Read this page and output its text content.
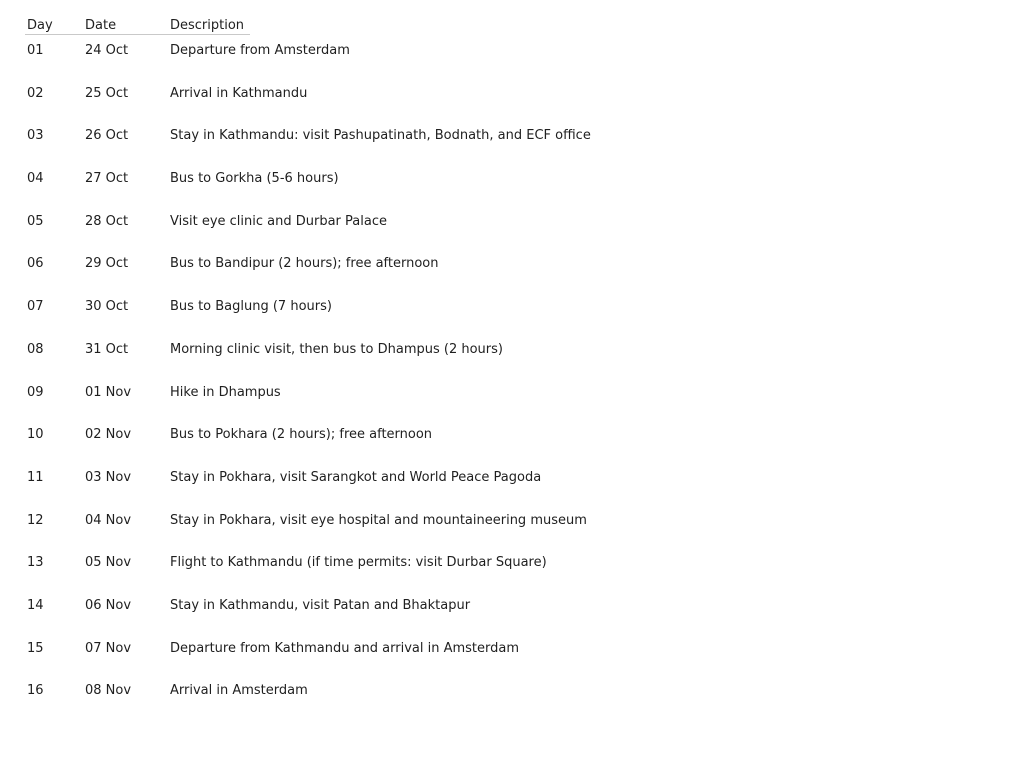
Day	Date	Description
01	24 Oct	Departure from Amsterdam
02	25 Oct	Arrival in Kathmandu
03	26 Oct	Stay in Kathmandu: visit Pashupatinath, Bodnath, and ECF office
04	27 Oct	Bus to Gorkha (5-6 hours)
05	28 Oct	Visit eye clinic and Durbar Palace
06	29 Oct	Bus to Bandipur (2 hours); free afternoon
07	30 Oct	Bus to Baglung (7 hours)
08	31 Oct	Morning clinic visit, then bus to Dhampus (2 hours)
09	01 Nov	Hike in Dhampus
10	02 Nov	Bus to Pokhara (2 hours); free afternoon
11	03 Nov	Stay in Pokhara, visit Sarangkot and World Peace Pagoda
12	04 Nov	Stay in Pokhara, visit eye hospital and mountaineering museum
13	05 Nov	Flight to Kathmandu (if time permits: visit Durbar Square)
14	06 Nov	Stay in Kathmandu, visit Patan and Bhaktapur
15	07 Nov	Departure from Kathmandu and arrival in Amsterdam
16	08 Nov	Arrival in Amsterdam
